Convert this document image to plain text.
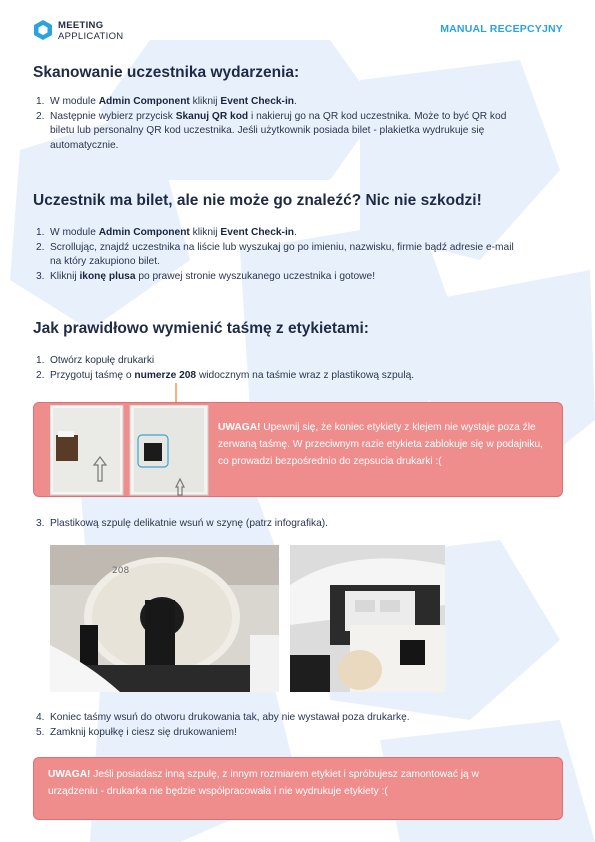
MEETING
APPLICATION
MANUAL RECEPCYJNY
Skanowanie uczestnika wydarzenia:
1. W module Admin Component kliknij Event Check-in.
2. Następnie wybierz przycisk Skanuj QR kod i nakieruj go na QR kod uczestnika. Może to być QR kod biletu lub personalny QR kod uczestnika. Jeśli użytkownik posiada bilet - plakietka wydrukuje się automatycznie.
Uczestnik ma bilet, ale nie może go znaleźć? Nic nie szkodzi!
1. W module Admin Component kliknij Event Check-in.
2. Scrollując, znajdź uczestnika na liście lub wyszukaj go po imieniu, nazwisku, firmie bądź adresie e-mail na który zakupiono bilet.
3. Kliknij ikonę plusa po prawej stronie wyszukanego uczestnika i gotowe!
Jak prawidłowo wymienić taśmę z etykietami:
1. Otwórz kopułę drukarki
2. Przygotuj taśmę o numerze 208 widocznym na taśmie wraz z plastikową szpulą.
UWAGA! Upewnij się, że koniec etykiety z klejem nie wystaje poza źle zerwaną taśmę. W przeciwnym razie etykieta zablokuje się w podajniku, co prowadzi bezpośrednio do zepsucia drukarki :(
3. Plastikową szpulę delikatnie wsuń w szynę (patrz infografika).
208
4. Koniec taśmy wsuń do otworu drukowania tak, aby nie wystawał poza drukarkę.
5. Zamknij kopułkę i ciesz się drukowaniem!
UWAGA! Jeśli posiadasz inną szpulę, z innym rozmiarem etykiet i spróbujesz zamontować ją w urządzeniu - drukarka nie będzie współpracowała i nie wydrukuje etykiety :(
